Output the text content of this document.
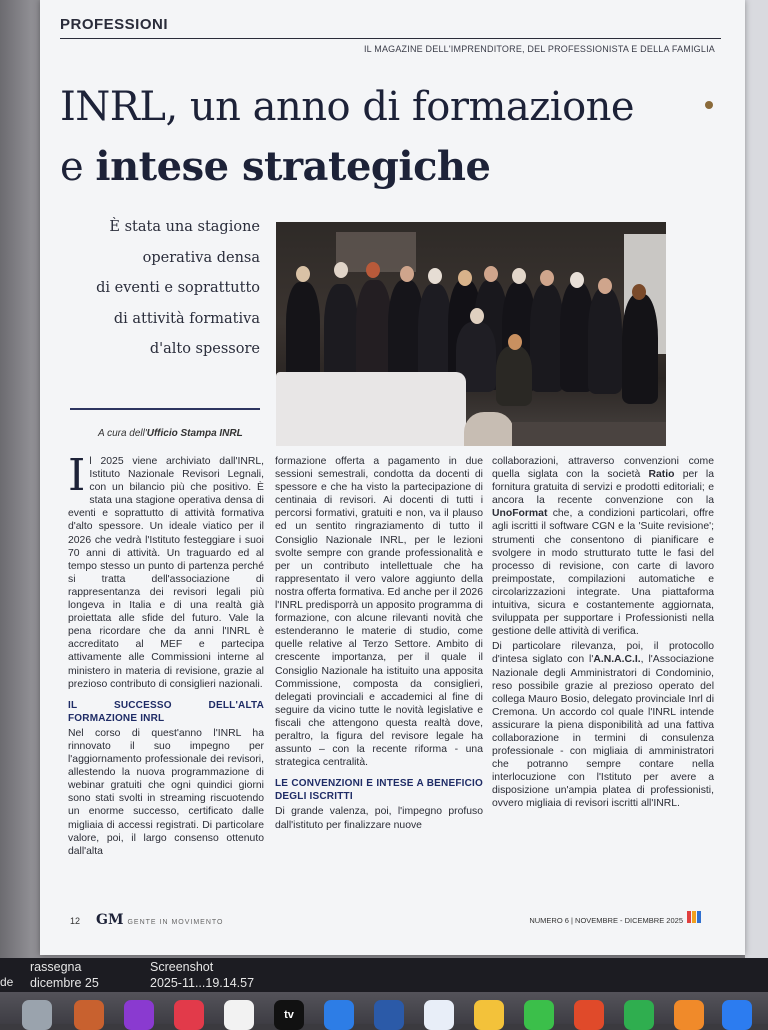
PROFESSIONI
IL MAGAZINE DELL'IMPRENDITORE, DEL PROFESSIONISTA E DELLA FAMIGLIA
INRL, un anno di formazione
e intese strategiche
È stata una stagione
operativa densa
di eventi e soprattutto
di attività formativa
d'alto spessore
A cura dell'Ufficio Stampa INRL

Il 2025 viene archiviato dall'INRL, Istituto Nazionale Revisori Legnali, con un bilancio più che positivo. È stata una stagione operativa densa di eventi e soprattutto di attività formativa d'alto spessore. Un ideale viatico per il 2026 che vedrà l'Istituto festeggiare i suoi 70 anni di attività. Un traguardo ed al tempo stesso un punto di partenza perché si tratta dell'associazione di rappresentanza dei revisori legali più longeva in Italia e di una realtà già proiettata alle sfide del futuro. Vale la pena ricordare che da anni l'INRL è accreditato al MEF e partecipa attivamente alle Commissioni interne al ministero in materia di revisione, grazie al prezioso contributo di consiglieri nazionali.

IL SUCCESSO DELL'ALTA FORMAZIONE INRL

Nel corso di quest'anno l'INRL ha rinnovato il suo impegno per l'aggiornamento professionale dei revisori, allestendo la nuova programmazione di webinar gratuiti che ogni quindici giorni sono stati svolti in streaming riscuotendo un enorme successo, certificato dalle migliaia di accessi registrati. Di particolare valore, poi, il largo consenso ottenuto dall'alta

formazione offerta a pagamento in due sessioni semestrali, condotta da docenti di spessore e che ha visto la partecipazione di centinaia di revisori. Ai docenti di tutti i percorsi formativi, gratuiti e non, va il plauso ed un sentito ringraziamento di tutto il Consiglio Nazionale INRL, per le lezioni svolte sempre con grande professionalità e per un contributo intellettuale che ha rappresentato il vero valore aggiunto della nostra offerta formativa. Ed anche per il 2026 l'INRL predisporrà un apposito programma di formazione, con alcune rilevanti novità che estenderanno le materie di studio, come quelle relative al Terzo Settore. Ambito di crescente importanza, per il quale il Consiglio Nazionale ha istituito una apposita Commissione, composta da consiglieri, delegati provinciali e accademici al fine di seguire da vicino tutte le novità legislative e fiscali che attengono questa realtà dove, peraltro, la figura del revisore legale ha assunto – con la recente riforma - una strategica centralità.

LE CONVENZIONI E INTESE A BENEFICIO DEGLI ISCRITTI

Di grande valenza, poi, l'impegno profuso dall'istituto per finalizzare nuove

collaborazioni, attraverso convenzioni come quella siglata con la società Ratio per la fornitura gratuita di servizi e prodotti editoriali; e ancora la recente convenzione con la UnoFormat che, a condizioni particolari, offre agli iscritti il software CGN e la 'Suite revisione'; strumenti che consentono di pianificare e svolgere in modo strutturato tutte le fasi del processo di revisione, con carte di lavoro preimpostate, compilazioni automatiche e circolarizzazioni integrate. Una piattaforma intuitiva, sicura e costantemente aggiornata, sviluppata per supportare i Professionisti nella gestione delle attività di verifica.

Di particolare rilevanza, poi, il protocollo d'intesa siglato con l'A.N.A.C.I., l'Associazione Nazionale degli Amministratori di Condominio, reso possibile grazie al prezioso operato del collega Mauro Bosio, delegato provinciale Inrl di Cremona. Un accordo col quale l'INRL intende assicurare la piena disponibilità ad una fattiva collaborazione in termini di consulenza professionale - con migliaia di amministratori che potranno sempre contare nella interlocuzione con l'Istituto per avere a disposizione un'ampia platea di professionisti, ovvero migliaia di revisori iscritti all'INRL.

12 GM GENTE IN MOVIMENTO	NUMERO 6 | NOVEMBRE - DICEMBRE 2025
de
rassegna
dicembre 25
Screenshot
2025-11...19.14.57
tv
